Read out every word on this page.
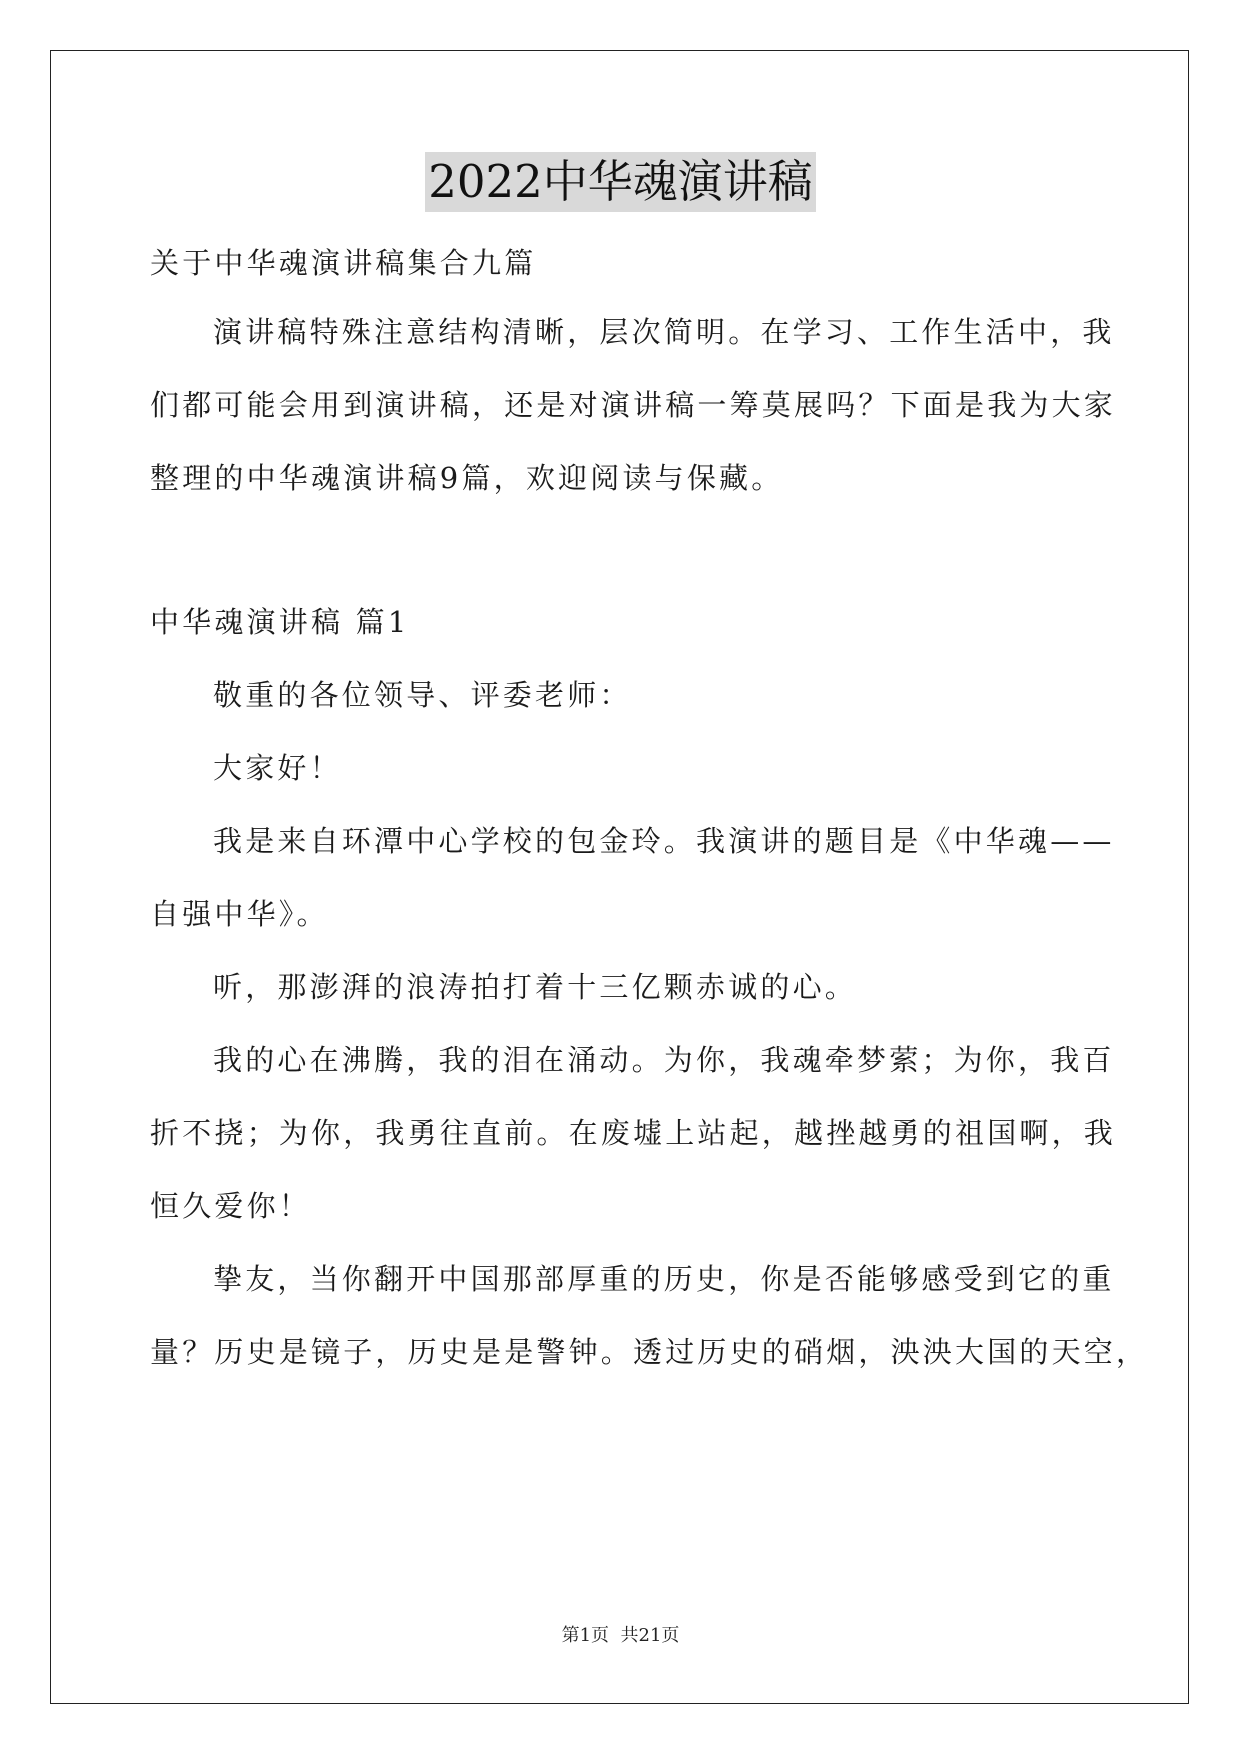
2022中华魂演讲稿
关于中华魂演讲稿集合九篇
演讲稿特殊注意结构清晰，层次简明。在学习、工作生活中，我
们都可能会用到演讲稿，还是对演讲稿一筹莫展吗？下面是我为大家
整理的中华魂演讲稿9篇，欢迎阅读与保藏。
中华魂演讲稿 篇1
敬重的各位领导、评委老师：
大家好！
我是来自环潭中心学校的包金玲。我演讲的题目是《中华魂——
自强中华》。
听，那澎湃的浪涛拍打着十三亿颗赤诚的心。
我的心在沸腾，我的泪在涌动。为你，我魂牵梦萦；为你，我百
折不挠；为你，我勇往直前。在废墟上站起，越挫越勇的祖国啊，我
恒久爱你！
挚友，当你翻开中国那部厚重的历史，你是否能够感受到它的重
量？历史是镜子，历史是是警钟。透过历史的硝烟，泱泱大国的天空，
第1页  共21页
